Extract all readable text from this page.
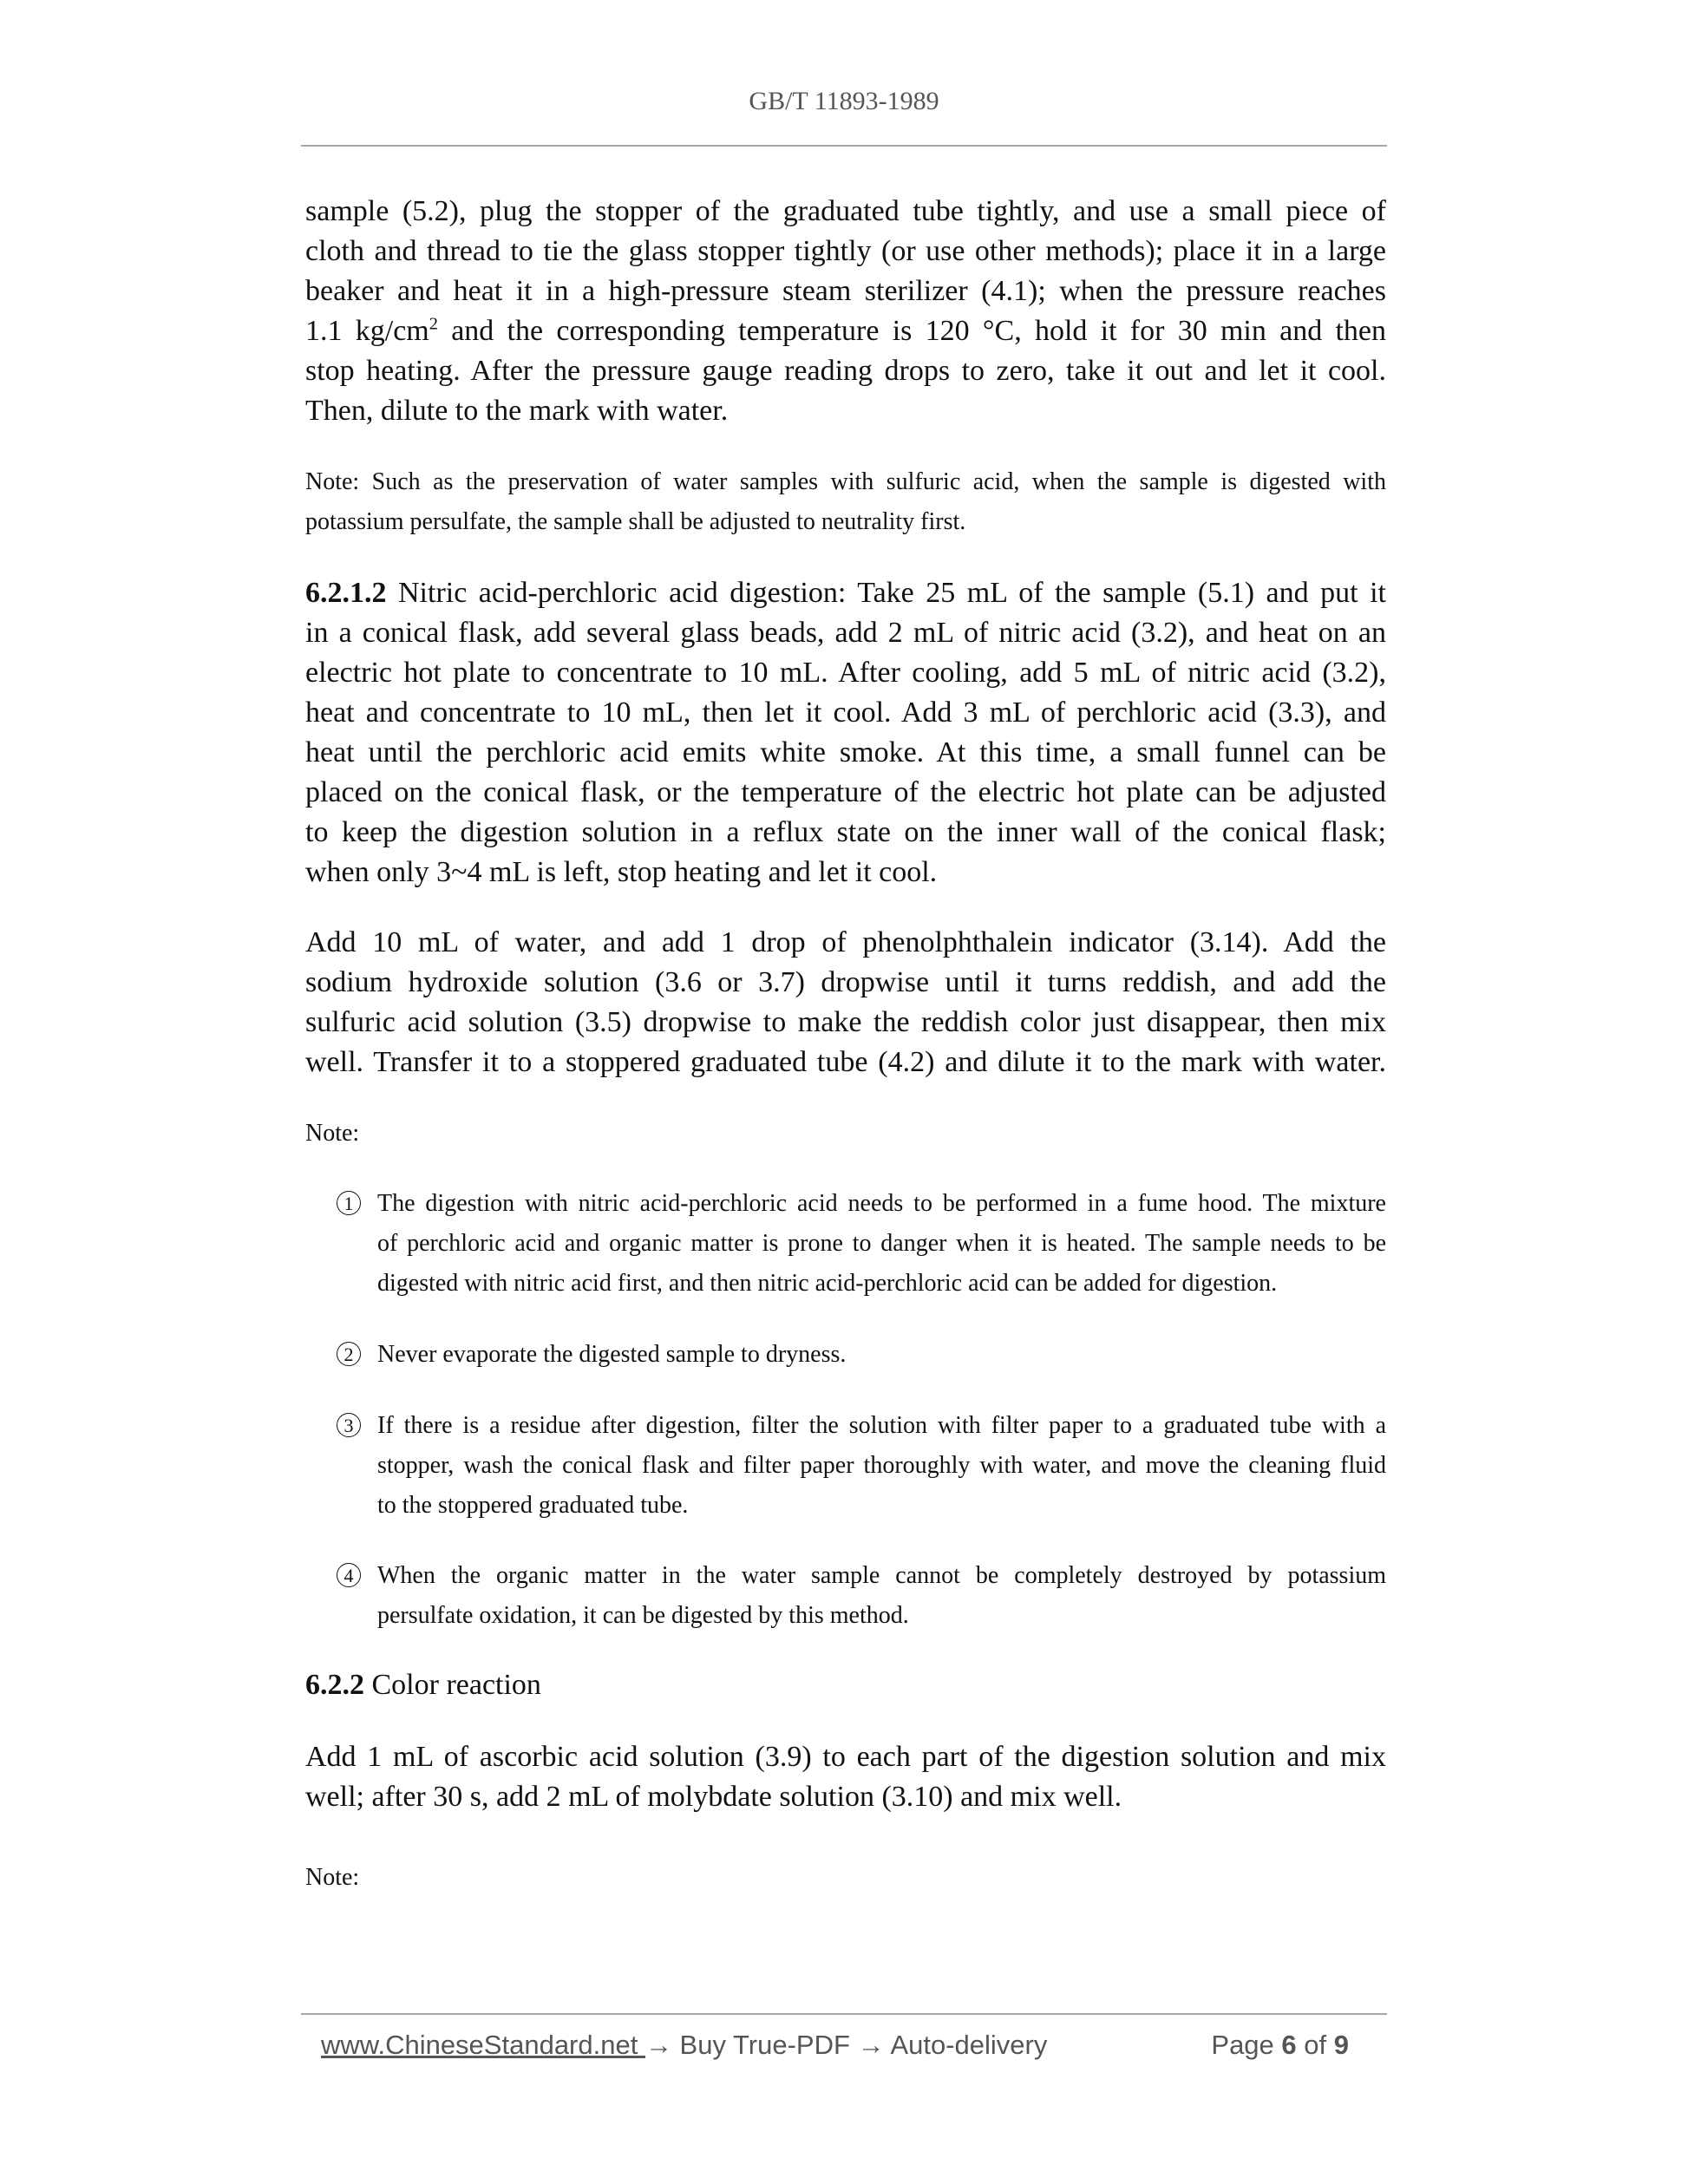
GB/T 11893-1989
sample (5.2), plug the stopper of the graduated tube tightly, and use a small piece of
cloth and thread to tie the glass stopper tightly (or use other methods); place it in a large
beaker and heat it in a high-pressure steam sterilizer (4.1); when the pressure reaches
1.1 $kg/cm^2$ and the corresponding temperature is 120 °C, hold it for 30 min and then
stop heating. After the pressure gauge reading drops to zero, take it out and let it cool.
Then, dilute to the mark with water.
Note: Such as the preservation of water samples with sulfuric acid, when the sample is digested with
potassium persulfate, the sample shall be adjusted to neutrality first.
6.2.1.2 Nitric acid-perchloric acid digestion: Take 25 mL of the sample (5.1) and put it
in a conical flask, add several glass beads, add 2 mL of nitric acid (3.2), and heat on an
electric hot plate to concentrate to 10 mL. After cooling, add 5 mL of nitric acid (3.2),
heat and concentrate to 10 mL, then let it cool. Add 3 mL of perchloric acid (3.3), and
heat until the perchloric acid emits white smoke. At this time, a small funnel can be
placed on the conical flask, or the temperature of the electric hot plate can be adjusted
to keep the digestion solution in a reflux state on the inner wall of the conical flask;
when only 3~4 mL is left, stop heating and let it cool.
Add 10 mL of water, and add 1 drop of phenolphthalein indicator (3.14). Add the
sodium hydroxide solution (3.6 or 3.7) dropwise until it turns reddish, and add the
sulfuric acid solution (3.5) dropwise to make the reddish color just disappear, then mix
well. Transfer it to a stoppered graduated tube (4.2) and dilute it to the mark with water.
Note:
1 The digestion with nitric acid-perchloric acid needs to be performed in a fume hood. The mixture
of perchloric acid and organic matter is prone to danger when it is heated. The sample needs to be
digested with nitric acid first, and then nitric acid-perchloric acid can be added for digestion.
2 Never evaporate the digested sample to dryness.
3 If there is a residue after digestion, filter the solution with filter paper to a graduated tube with a
stopper, wash the conical flask and filter paper thoroughly with water, and move the cleaning fluid
to the stoppered graduated tube.
4 When the organic matter in the water sample cannot be completely destroyed by potassium
persulfate oxidation, it can be digested by this method.
6.2.2 Color reaction
Add 1 mL of ascorbic acid solution (3.9) to each part of the digestion solution and mix
well; after 30 s, add 2 mL of molybdate solution (3.10) and mix well.
Note:
www.ChineseStandard.net → Buy True-PDF → Auto-delivery	Page 6 of 9
